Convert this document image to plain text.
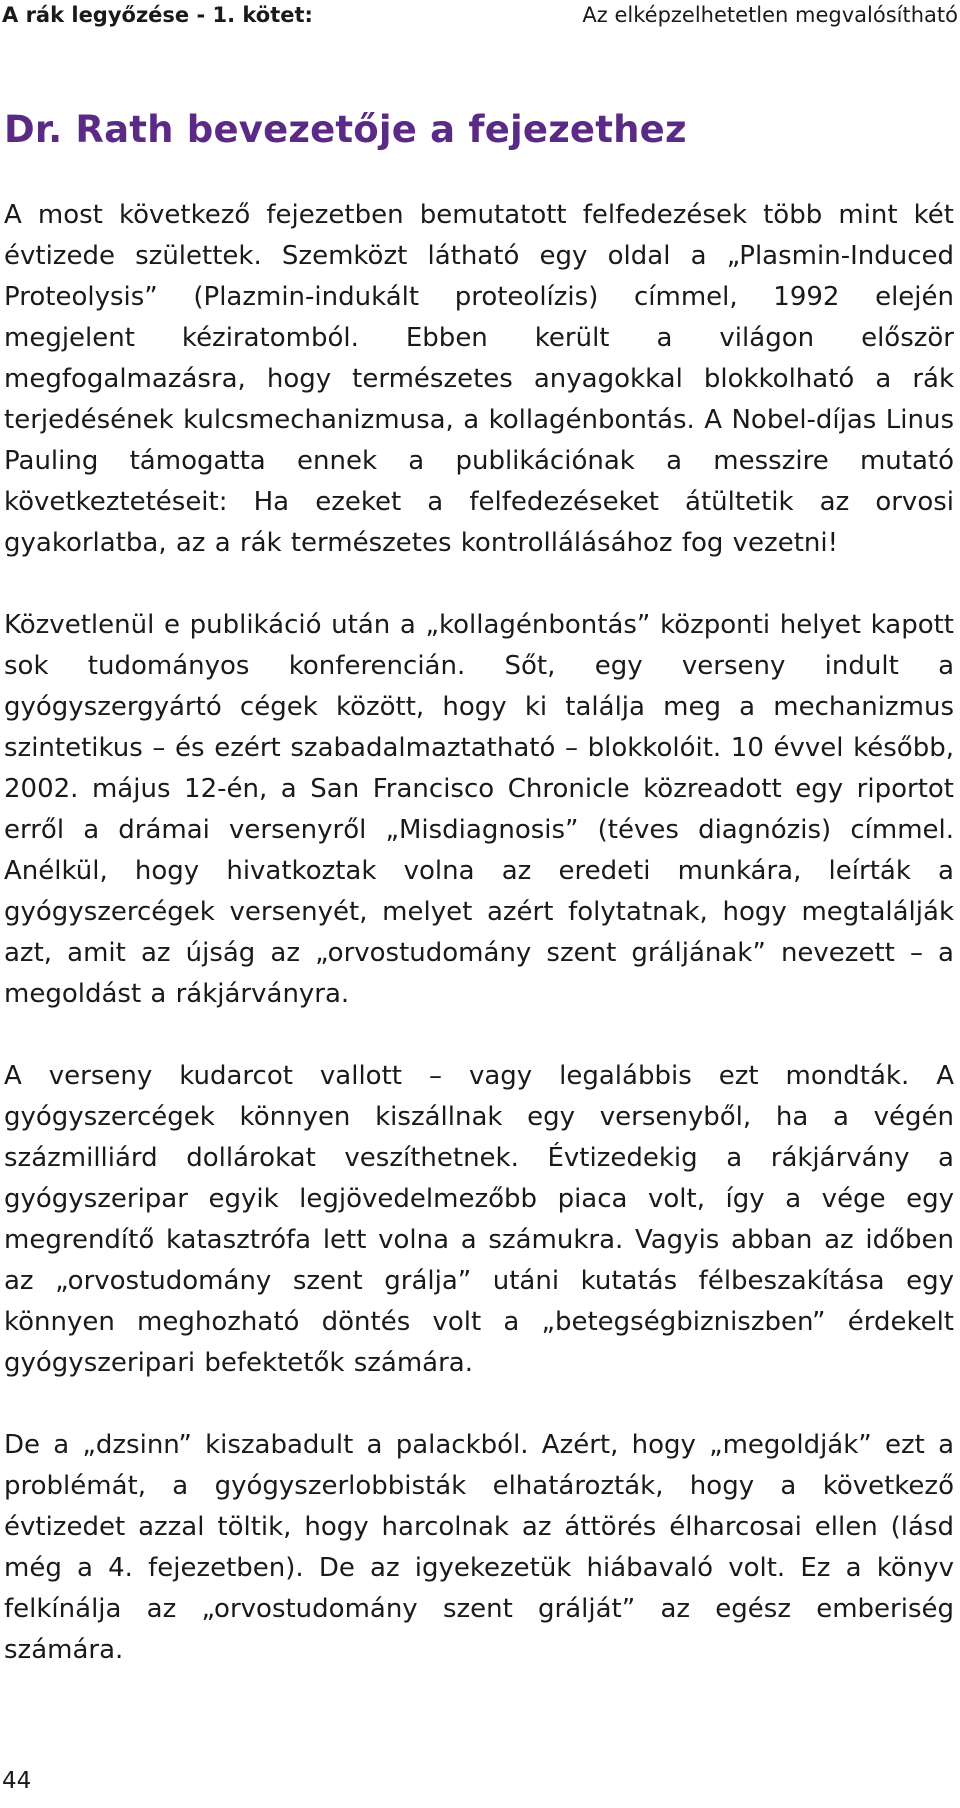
A rák legyőzése - 1. kötet:	Az elképzelhetetlen megvalósítható
Dr. Rath bevezetője a fejezethez

A most következő fejezetben bemutatott felfedezések több mint két évtizede születtek. Szemközt látható egy oldal a „Plasmin-Induced Proteolysis” (Plazmin-indukált proteolízis) címmel, 1992 elején megjelent kéziratomból. Ebben került a világon először megfogalmazásra, hogy természetes anyagokkal blokkolható a rák terjedésének kulcsmechanizmusa, a kollagénbontás. A Nobel-díjas Linus Pauling támogatta ennek a publikációnak a messzire mutató következtetéseit: Ha ezeket a felfedezéseket átültetik az orvosi gyakorlatba, az a rák természetes kontrollálásához fog vezetni!

Közvetlenül e publikáció után a „kollagénbontás” központi helyet kapott sok tudományos konferencián. Sőt, egy verseny indult a gyógyszergyártó cégek között, hogy ki találja meg a mechanizmus szintetikus – és ezért szabadalmaztatható – blokkolóit. 10 évvel később, 2002. május 12-én, a San Francisco Chronicle közreadott egy riportot erről a drámai versenyről „Misdiagnosis” (téves diagnózis) címmel. Anélkül, hogy hivatkoztak volna az eredeti munkára, leírták a gyógyszercégek versenyét, melyet azért folytatnak, hogy megtalálják azt, amit az újság az „orvostudomány szent gráljának” nevezett – a megoldást a rákjárványra.

A verseny kudarcot vallott – vagy legalábbis ezt mondták. A gyógyszercégek könnyen kiszállnak egy versenyből, ha a végén százmilliárd dollárokat veszíthetnek. Évtizedekig a rákjárvány a gyógyszeripar egyik legjövedelmezőbb piaca volt, így a vége egy megrendítő katasztrófa lett volna a számukra. Vagyis abban az időben az „orvostudomány szent grálja” utáni kutatás félbeszakítása egy könnyen meghozható döntés volt a „betegségbizniszben” érdekelt gyógyszeripari befektetők számára.

De a „dzsinn” kiszabadult a palackból. Azért, hogy „megoldják” ezt a problémát, a gyógyszerlobbisták elhatározták, hogy a következő évtizedet azzal töltik, hogy harcolnak az áttörés élharcosai ellen (lásd még a 4. fejezetben). De az igyekezetük hiábavaló volt. Ez a könyv felkínálja az „orvostudomány szent grálját” az egész emberiség számára.

44
